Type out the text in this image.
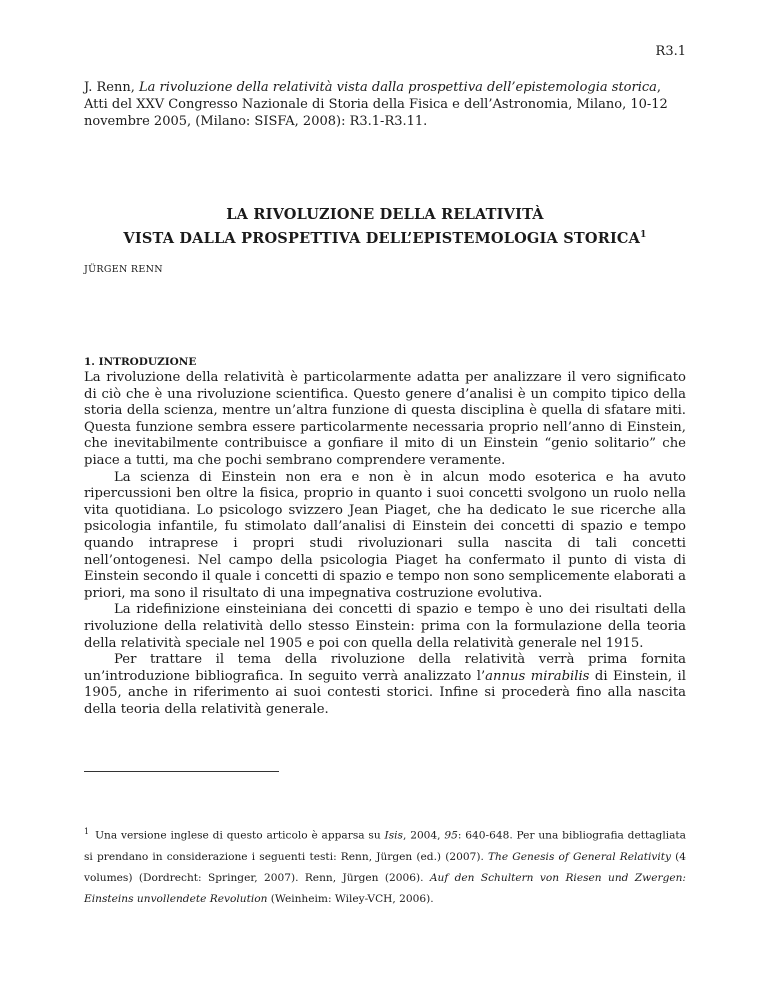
R3.1
J. Renn, La rivoluzione della relatività vista dalla prospettiva dell’epistemologia storica, Atti del XXV Congresso Nazionale di Storia della Fisica e dell’Astronomia, Milano, 10-12 novembre 2005, (Milano: SISFA, 2008): R3.1-R3.11.
LA RIVOLUZIONE DELLA RELATIVITÀ
VISTA DALLA PROSPETTIVA DELL’EPISTEMOLOGIA STORICA$^1$
JÜRGEN RENN
1. INTRODUZIONE

La rivoluzione della relatività è particolarmente adatta per analizzare il vero significato di ciò che è una rivoluzione scientifica. Questo genere d’analisi è un compito tipico della storia della scienza, mentre un’altra funzione di questa disciplina è quella di sfatare miti. Questa funzione sembra essere particolarmente necessaria proprio nell’anno di Einstein, che inevitabilmente contribuisce a gonfiare il mito di un Einstein “genio solitario” che piace a tutti, ma che pochi sembrano comprendere veramente.

La scienza di Einstein non era e non è in alcun modo esoterica e ha avuto ripercussioni ben oltre la fisica, proprio in quanto i suoi concetti svolgono un ruolo nella vita quotidiana. Lo psicologo svizzero Jean Piaget, che ha dedicato le sue ricerche alla psicologia infantile, fu stimolato dall’analisi di Einstein dei concetti di spazio e tempo quando intraprese i propri studi rivoluzionari sulla nascita di tali concetti nell’ontogenesi. Nel campo della psicologia Piaget ha confermato il punto di vista di Einstein secondo il quale i concetti di spazio e tempo non sono semplicemente elaborati a priori, ma sono il risultato di una impegnativa costruzione evolutiva.

La ridefinizione einsteiniana dei concetti di spazio e tempo è uno dei risultati della rivoluzione della relatività dello stesso Einstein: prima con la formulazione della teoria della relatività speciale nel 1905 e poi con quella della relatività generale nel 1915.

Per trattare il tema della rivoluzione della relatività verrà prima fornita un’introduzione bibliografica. In seguito verrà analizzato l’annus mirabilis di Einstein, il 1905, anche in riferimento ai suoi contesti storici. Infine si procederà fino alla nascita della teoria della relatività generale.

$^1$ Una versione inglese di questo articolo è apparsa su Isis, 2004, 95: 640-648. Per una bibliografia dettagliata si prendano in considerazione i seguenti testi: Renn, Jürgen (ed.) (2007). The Genesis of General Relativity (4 volumes) (Dordrecht: Springer, 2007). Renn, Jürgen (2006). Auf den Schultern von Riesen und Zwergen: Einsteins unvollendete Revolution (Weinheim: Wiley-VCH, 2006).
